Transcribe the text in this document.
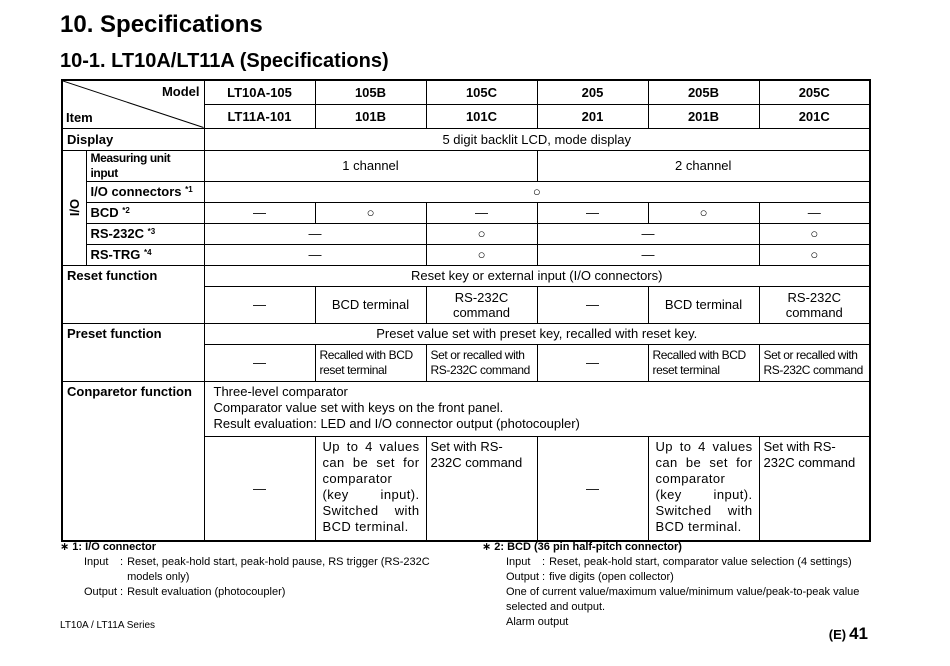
10. Specifications
10-1. LT10A/LT11A (Specifications)
Model
Item		LT10A-105	105B	105C	205	205B	205C
		LT11A-101	101B	101C	201	201B	201C
Display		5 digit backlit LCD, mode display					

I/O	Measuring unit input	1 channel			2 channel		
	I/O connectors $^{*1}$	○					
	BCD $^{*2}$	—	○	—	—	○	—
	RS-232C $^{*3}$	—		○	—		○
	RS-TRG $^{*4}$	—		○	—		○
Reset function		Reset key or external input (I/O connectors)					
		—	BCD terminal	RS-232C command	—	BCD terminal	RS-232C command
Preset function		Preset value set with preset key, recalled with reset key.					
		—	Recalled with BCD reset terminal	Set or recalled with RS-232C command	—	Recalled with BCD reset terminal	Set or recalled with RS-232C command
Conparetor function		Three-level comparator
Comparator value set with keys on the front panel.
Result evaluation: LED and I/O connector output (photocoupler)					

		—	Up to 4 values can be set for comparator (key input). Switched with BCD terminal.	Set with RS-232C command	—	Up to 4 values can be set for comparator (key input). Switched with BCD terminal.	Set with RS-232C command
∗ 1: I/O connector
Input	: Reset, peak-hold start, peak-hold pause, RS trigger (RS-232C models only)
Output : Result evaluation (photocoupler)
∗ 2: BCD (36 pin half-pitch connector)
Input	: Reset, peak-hold start, comparator value selection (4 settings)
Output : five digits (open collector)
One of current value/maximum value/minimum value/peak-to-peak value selected and output.
Alarm output
LT10A / LT11A Series
(E) 41
